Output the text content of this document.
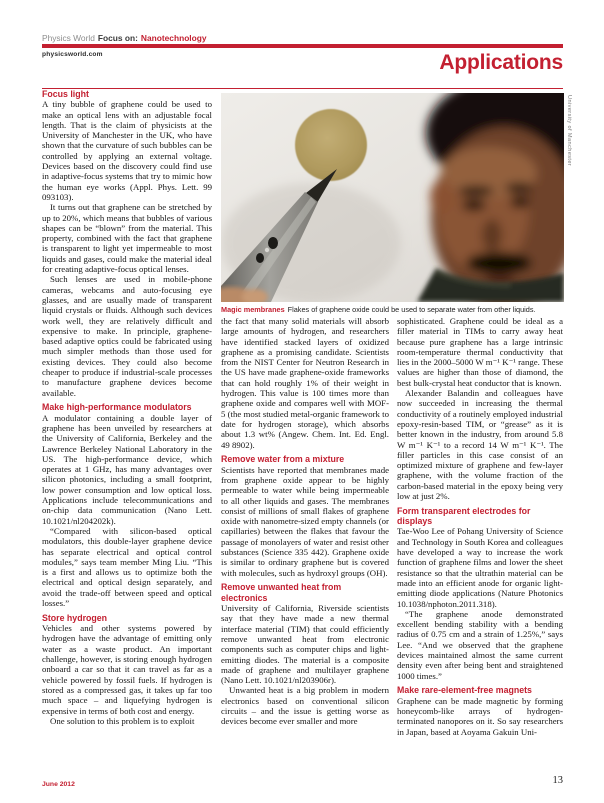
Physics World Focus on: Nanotechnology
physicsworld.com	Applications
University of Manchester
Magic membranes Flakes of graphene oxide could be used to separate water from other liquids.
Focus light

A tiny bubble of graphene could be used to make an optical lens with an adjustable focal length. That is the claim of physicists at the University of Manchester in the UK, who have shown that the curvature of such bubbles can be controlled by applying an external voltage. Devices based on the discovery could find use in adaptive-focus systems that try to mimic how the human eye works (Appl. Phys. Lett. 99 093103).

It turns out that graphene can be stretched by up to 20%, which means that bubbles of various shapes can be “blown” from the material. This property, combined with the fact that graphene is transparent to light yet impermeable to most liquids and gases, could make the material ideal for creating adaptive-focus optical lenses.

Such lenses are used in mobile-phone cameras, webcams and auto-focusing eye glasses, and are usually made of transparent liquid crystals or fluids. Although such devices work well, they are relatively difficult and expensive to make. In principle, graphene-based adaptive optics could be fabricated using much simpler methods than those used for existing devices. They could also become cheaper to produce if industrial-scale processes to manufacture graphene devices become available.

Make high-performance modulators

A modulator containing a double layer of graphene has been unveiled by researchers at the University of California, Berkeley and the Lawrence Berkeley National Laboratory in the US. The high-performance device, which operates at 1 GHz, has many advantages over silicon photonics, including a small footprint, low power consumption and low optical loss. Applications include telecommunications and on-chip data communication (Nano Lett. 10.1021/nl204202k).

“Compared with silicon-based optical modulators, this double-layer graphene device has separate electrical and optical control modules,” says team member Ming Liu. “This is a first and allows us to optimize both the electrical and optical design separately, and avoid the trade-off between speed and optical losses.”

Store hydrogen

Vehicles and other systems powered by hydrogen have the advantage of emitting only water as a waste product. An important challenge, however, is storing enough hydrogen onboard a car so that it can travel as far as a vehicle powered by fossil fuels. If hydrogen is stored as a compressed gas, it takes up far too much space – and liquefying hydrogen is expensive in terms of both cost and energy.

One solution to this problem is to exploit

the fact that many solid materials will absorb large amounts of hydrogen, and researchers have identified stacked layers of oxidized graphene as a promising candidate. Scientists from the NIST Center for Neutron Research in the US have made graphene-oxide frameworks that can hold roughly 1% of their weight in hydrogen. This value is 100 times more than graphene oxide and compares well with MOF-5 (the most studied metal-organic framework to date for hydrogen storage), which absorbs about 1.3 wt% (Angew. Chem. Int. Ed. Engl. 49 8902).

Remove water from a mixture

Scientists have reported that membranes made from graphene oxide appear to be highly permeable to water while being impermeable to all other liquids and gases. The membranes consist of millions of small flakes of graphene oxide with nanometre-sized empty channels (or capillaries) between the flakes that favour the passage of monolayers of water and resist other substances (Science 335 442). Graphene oxide is similar to ordinary graphene but is covered with molecules, such as hydroxyl groups (OH).

Remove unwanted heat from electronics

University of California, Riverside scientists say that they have made a new thermal interface material (TIM) that could efficiently remove unwanted heat from electronic components such as computer chips and light-emitting diodes. The material is a composite made of graphene and multilayer graphene (Nano Lett. 10.1021/nl203906r).

Unwanted heat is a big problem in modern electronics based on conventional silicon circuits – and the issue is getting worse as devices become ever smaller and more

sophisticated. Graphene could be ideal as a filler material in TIMs to carry away heat because pure graphene has a large intrinsic room-temperature thermal conductivity that lies in the 2000–5000 W m⁻¹ K⁻¹ range. These values are higher than those of diamond, the best bulk-crystal heat conductor that is known.

Alexander Balandin and colleagues have now succeeded in increasing the thermal conductivity of a routinely employed industrial epoxy-resin-based TIM, or “grease” as it is better known in the industry, from around 5.8 W m⁻¹ K⁻¹ to a record 14 W m⁻¹ K⁻¹. The filler particles in this case consist of an optimized mixture of graphene and few-layer graphene, with the volume fraction of the carbon-based material in the epoxy being very low at just 2%.

Form transparent electrodes for displays

Tae-Woo Lee of Pohang University of Science and Technology in South Korea and colleagues have developed a way to increase the work function of graphene films and lower the sheet resistance so that the ultrathin material can be made into an efficient anode for organic light-emitting diode applications (Nature Photonics 10.1038/nphoton.2011.318).

“The graphene anode demonstrated excellent bending stability with a bending radius of 0.75 cm and a strain of 1.25%,” says Lee. “And we observed that the graphene devices maintained almost the same current density even after being bent and straightened 1000 times.”

Make rare-element-free magnets

Graphene can be made magnetic by forming honeycomb-like arrays of hydrogen-terminated nanopores on it. So say researchers in Japan, based at Aoyama Gakuin Uni-

June 2012	13
